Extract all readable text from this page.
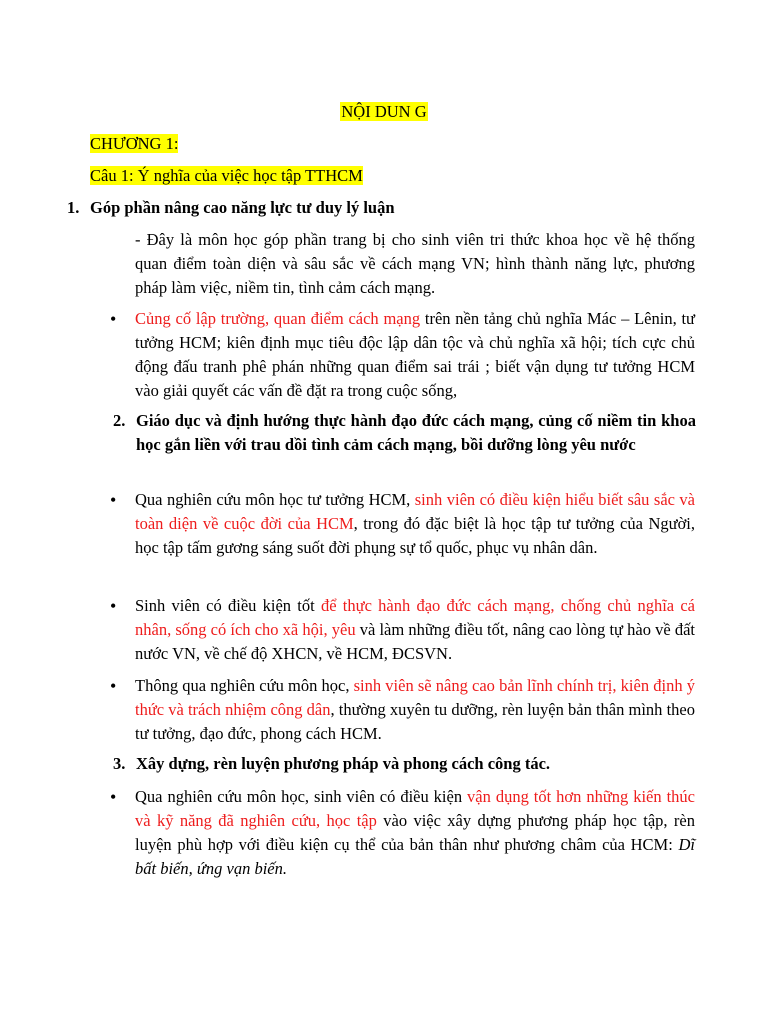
NỘI DUN G
CHƯƠNG 1:
Câu 1: Ý nghĩa của việc học tập TTHCM
1. Góp phần nâng cao năng lực tư duy lý luận
- Đây là môn học góp phần trang bị cho sinh viên tri thức khoa học về hệ thống quan điểm toàn diện và sâu sắc về cách mạng VN; hình thành năng lực, phương pháp làm việc, niềm tin, tình cảm cách mạng.
• Củng cố lập trường, quan điểm cách mạng trên nền tảng chủ nghĩa Mác – Lênin, tư tưởng HCM; kiên định mục tiêu độc lập dân tộc và chủ nghĩa xã hội; tích cực chủ động đấu tranh phê phán những quan điểm sai trái ; biết vận dụng tư tưởng HCM vào giải quyết các vấn đề đặt ra trong cuộc sống,
2. Giáo dục và định hướng thực hành đạo đức cách mạng, củng cố niềm tin khoa học gắn liền với trau dồi tình cảm cách mạng, bồi dưỡng lòng yêu nước
• Qua nghiên cứu môn học tư tưởng HCM, sinh viên có điều kiện hiểu biết sâu sắc và toàn diện về cuộc đời của HCM, trong đó đặc biệt là học tập tư tưởng của Người, học tập tấm gương sáng suốt đời phụng sự tổ quốc, phục vụ nhân dân.
• Sinh viên có điều kiện tốt để thực hành đạo đức cách mạng, chống chủ nghĩa cá nhân, sống có ích cho xã hội, yêu và làm những điều tốt, nâng cao lòng tự hào về đất nước VN, về chế độ XHCN, về HCM, ĐCSVN.
• Thông qua nghiên cứu môn học, sinh viên sẽ nâng cao bản lĩnh chính trị, kiên định ý thức và trách nhiệm công dân, thường xuyên tu dưỡng, rèn luyện bản thân mình theo tư tưởng, đạo đức, phong cách HCM.
3. Xây dựng, rèn luyện phương pháp và phong cách công tác.
• Qua nghiên cứu môn học, sinh viên có điều kiện vận dụng tốt hơn những kiến thúc và kỹ năng đã nghiên cứu, học tập vào việc xây dựng phương pháp học tập, rèn luyện phù hợp với điều kiện cụ thể của bản thân như phương châm của HCM: Dĩ bất biến, ứng vạn biến.
